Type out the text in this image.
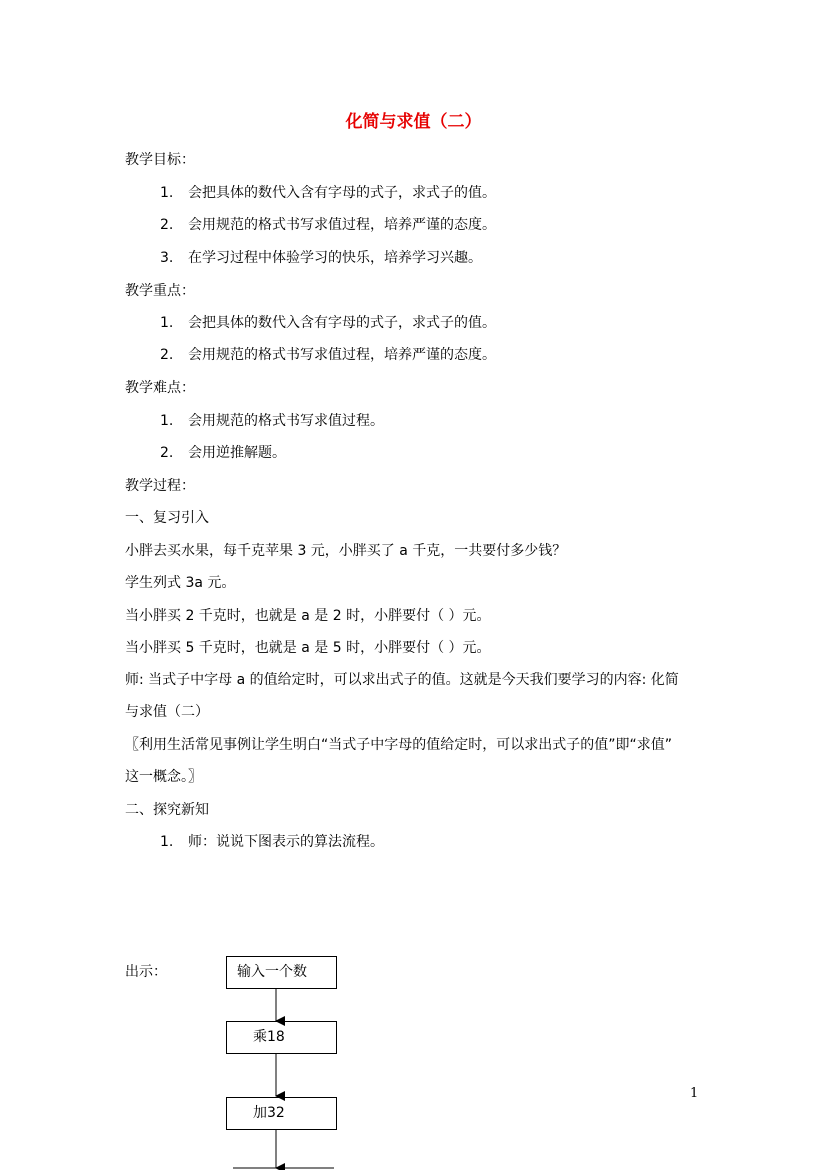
化简与求值（二）
教学目标：
1. 会把具体的数代入含有字母的式子，求式子的值。
2. 会用规范的格式书写求值过程，培养严谨的态度。
3. 在学习过程中体验学习的快乐，培养学习兴趣。
教学重点：
1. 会把具体的数代入含有字母的式子，求式子的值。
2. 会用规范的格式书写求值过程，培养严谨的态度。
教学难点：
1. 会用规范的格式书写求值过程。
2. 会用逆推解题。
教学过程：
一、复习引入
小胖去买水果，每千克苹果 3 元，小胖买了 a 千克，一共要付多少钱？
学生列式 3a 元。
当小胖买 2 千克时，也就是 a 是 2 时，小胖要付（ ）元。
当小胖买 5 千克时，也就是 a 是 5 时，小胖要付（ ）元。
师: 当式子中字母 a 的值给定时，可以求出式子的值。这就是今天我们要学习的内容: 化简
与求值（二）
〖利用生活常见事例让学生明白“当式子中字母的值给定时，可以求出式子的值”即“求值”
这一概念。〗
二、探究新知
1. 师：说说下图表示的算法流程。
出示：	输入一个数
乘18
加32
1
